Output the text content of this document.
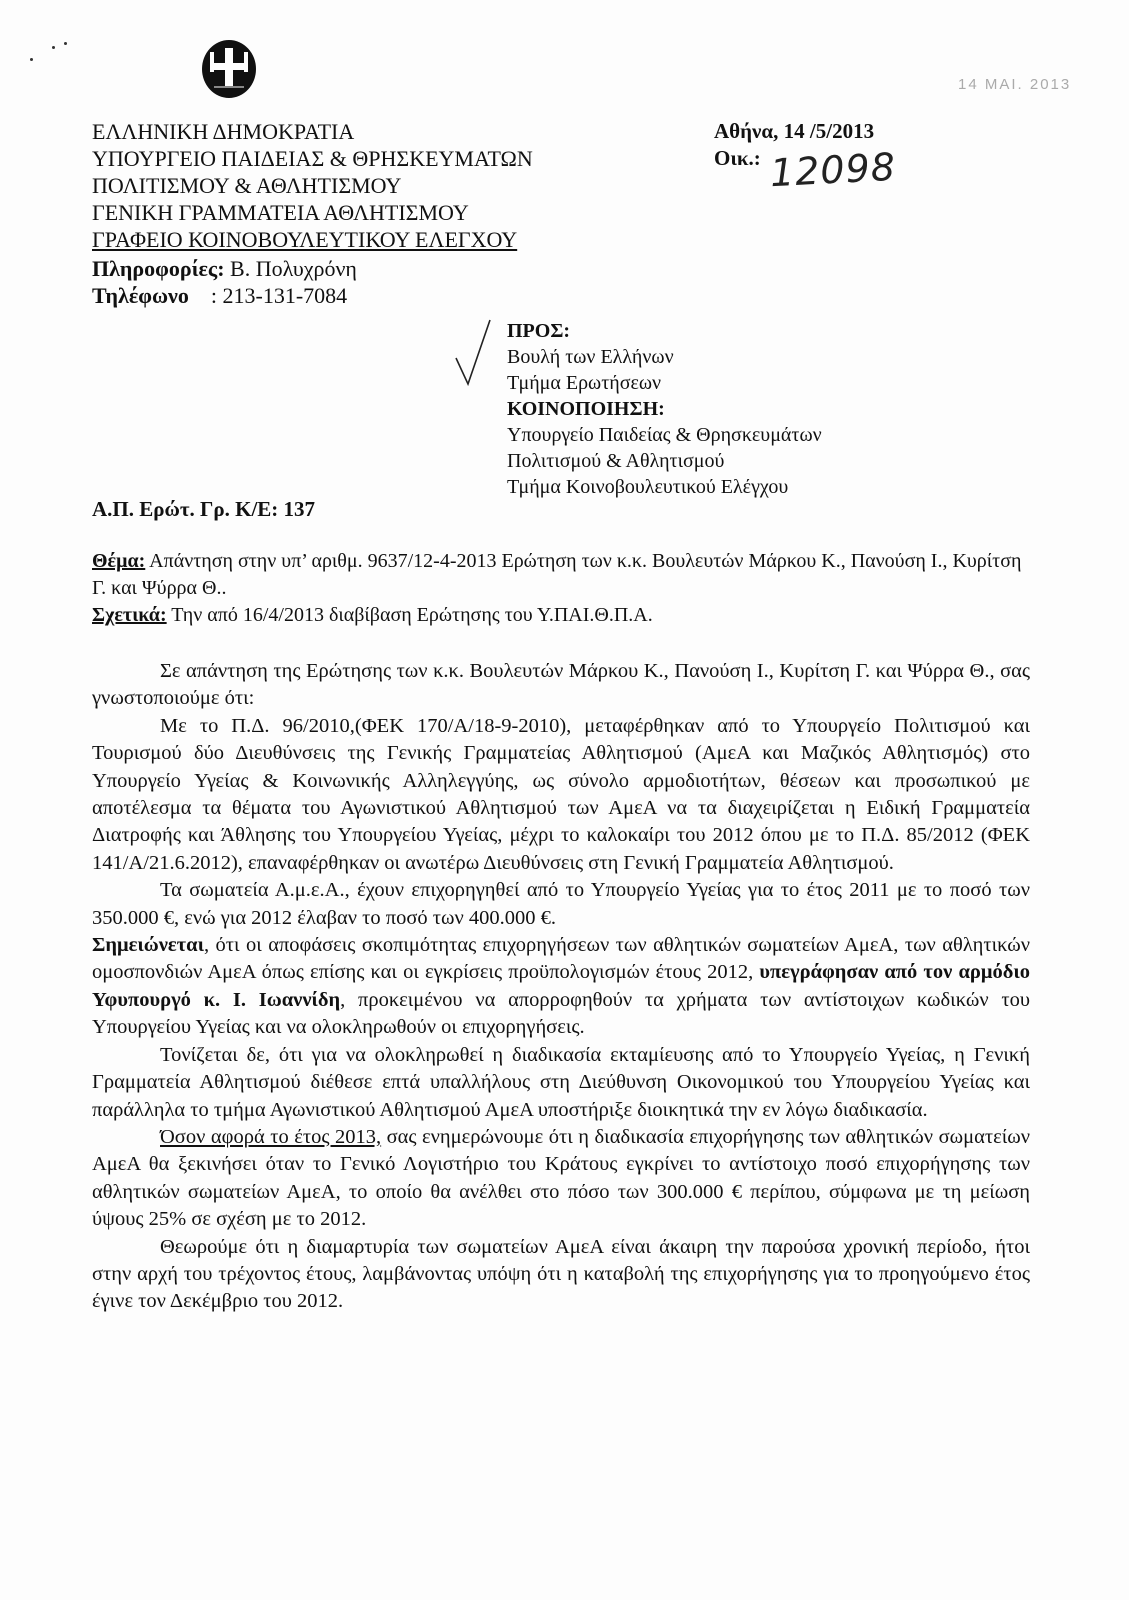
14 ΜΑΙ. 2013
ΕΛΛΗΝΙΚΗ ΔΗΜΟΚΡΑΤΙΑ
ΥΠΟΥΡΓΕΙΟ ΠΑΙΔΕΙΑΣ & ΘΡΗΣΚΕΥΜΑΤΩΝ
ΠΟΛΙΤΙΣΜΟΥ & ΑΘΛΗΤΙΣΜΟΥ
ΓΕΝΙΚΗ ΓΡΑΜΜΑΤΕΙΑ ΑΘΛΗΤΙΣΜΟΥ
ΓΡΑΦΕΙΟ ΚΟΙΝΟΒΟΥΛΕΥΤΙΚΟΥ ΕΛΕΓΧΟΥ
Πληροφορίες: Β. Πολυχρόνη
Τηλέφωνο : 213-131-7084
Αθήνα, 14 /5/2013
Οικ.: 12098
ΠΡΟΣ:
Βουλή των Ελλήνων
Τμήμα Ερωτήσεων
ΚΟΙΝΟΠΟΙΗΣΗ:
Υπουργείο Παιδείας & Θρησκευμάτων
Πολιτισμού & Αθλητισμού
Τμήμα Κοινοβουλευτικού Ελέγχου
Α.Π. Ερώτ. Γρ. Κ/Ε: 137
Θέμα: Απάντηση στην υπ’ αριθμ. 9637/12-4-2013 Ερώτηση των κ.κ. Βουλευτών Μάρκου Κ., Πανούση Ι., Κυρίτση Γ. και Ψύρρα Θ..
Σχετικά: Την από 16/4/2013 διαβίβαση Ερώτησης του Υ.ΠΑΙ.Θ.Π.Α.

Σε απάντηση της Ερώτησης των κ.κ. Βουλευτών Μάρκου Κ., Πανούση Ι., Κυρίτση Γ. και Ψύρρα Θ., σας γνωστοποιούμε ότι:

Με το Π.Δ. 96/2010,(ΦΕΚ 170/Α/18-9-2010), μεταφέρθηκαν από το Υπουργείο Πολιτισμού και Τουρισμού δύο Διευθύνσεις της Γενικής Γραμματείας Αθλητισμού (ΑμεΑ και Μαζικός Αθλητισμός) στο Υπουργείο Υγείας & Κοινωνικής Αλληλεγγύης, ως σύνολο αρμοδιοτήτων, θέσεων και προσωπικού με αποτέλεσμα τα θέματα του Αγωνιστικού Αθλητισμού των ΑμεΑ να τα διαχειρίζεται η Ειδική Γραμματεία Διατροφής και Άθλησης του Υπουργείου Υγείας, μέχρι το καλοκαίρι του 2012 όπου με το Π.Δ. 85/2012 (ΦΕΚ 141/Α/21.6.2012), επαναφέρθηκαν οι ανωτέρω Διευθύνσεις στη Γενική Γραμματεία Αθλητισμού.

Τα σωματεία Α.μ.ε.Α., έχουν επιχορηγηθεί από το Υπουργείο Υγείας για το έτος 2011 με το ποσό των 350.000 €, ενώ για 2012 έλαβαν το ποσό των 400.000 €.

Σημειώνεται, ότι οι αποφάσεις σκοπιμότητας επιχορηγήσεων των αθλητικών σωματείων ΑμεΑ, των αθλητικών ομοσπονδιών ΑμεΑ όπως επίσης και οι εγκρίσεις προϋπολογισμών έτους 2012, υπεγράφησαν από τον αρμόδιο Υφυπουργό κ. Ι. Ιωαννίδη, προκειμένου να απορροφηθούν τα χρήματα των αντίστοιχων κωδικών του Υπουργείου Υγείας και να ολοκληρωθούν οι επιχορηγήσεις.

Τονίζεται δε, ότι για να ολοκληρωθεί η διαδικασία εκταμίευσης από το Υπουργείο Υγείας, η Γενική Γραμματεία Αθλητισμού διέθεσε επτά υπαλλήλους στη Διεύθυνση Οικονομικού του Υπουργείου Υγείας και παράλληλα το τμήμα Αγωνιστικού Αθλητισμού ΑμεΑ υποστήριξε διοικητικά την εν λόγω διαδικασία.

Όσον αφορά το έτος 2013, σας ενημερώνουμε ότι η διαδικασία επιχορήγησης των αθλητικών σωματείων ΑμεΑ θα ξεκινήσει όταν το Γενικό Λογιστήριο του Κράτους εγκρίνει το αντίστοιχο ποσό επιχορήγησης των αθλητικών σωματείων ΑμεΑ, το οποίο θα ανέλθει στο πόσο των 300.000 € περίπου, σύμφωνα με τη μείωση ύψους 25% σε σχέση με το 2012.

Θεωρούμε ότι η διαμαρτυρία των σωματείων ΑμεΑ είναι άκαιρη την παρούσα χρονική περίοδο, ήτοι στην αρχή του τρέχοντος έτους, λαμβάνοντας υπόψη ότι η καταβολή της επιχορήγησης για το προηγούμενο έτος έγινε τον Δεκέμβριο του 2012.
